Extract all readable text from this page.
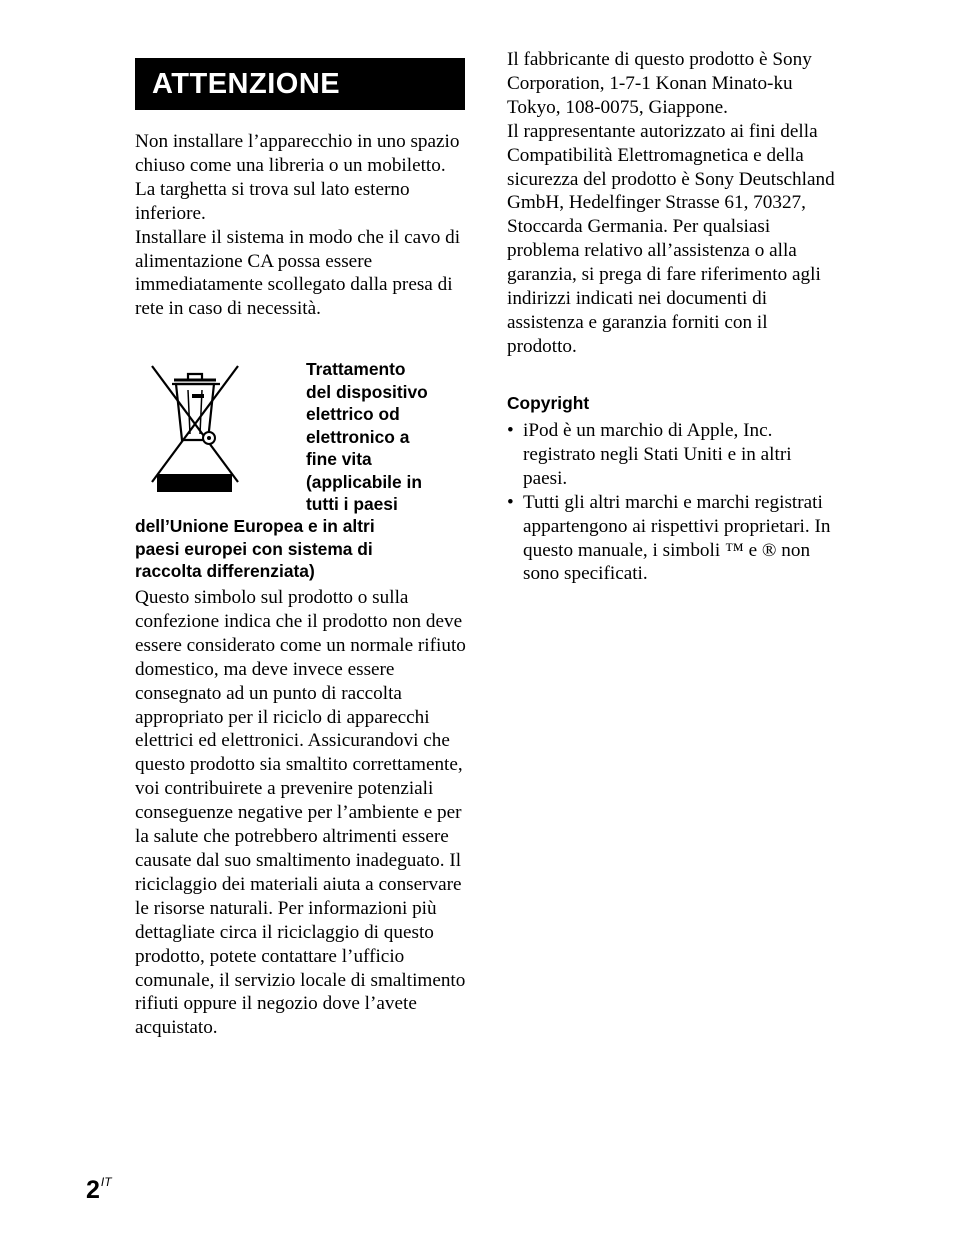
ATTENZIONE

Non installare l’apparecchio in uno spazio chiuso come una libreria o un mobiletto.

La targhetta si trova sul lato esterno inferiore.

Installare il sistema in modo che il cavo di alimentazione CA possa essere immediatamente scollegato dalla presa di rete in caso di necessità.

Trattamento
del dispositivo
elettrico od
elettronico a
fine vita
(applicabile in
tutti i paesi
dell’Unione Europea e in altri
paesi europei con sistema di
raccolta differenziata)

Questo simbolo sul prodotto o sulla confezione indica che il prodotto non deve essere considerato come un normale rifiuto domestico, ma deve invece essere consegnato ad un punto di raccolta appropriato per il riciclo di apparecchi elettrici ed elettronici. Assicurandovi che questo prodotto sia smaltito correttamente, voi contribuirete a prevenire potenziali conseguenze negative per l’ambiente e per la salute che potrebbero altrimenti essere causate dal suo smaltimento inadeguato. Il riciclaggio dei materiali aiuta a conservare le risorse naturali. Per informazioni più dettagliate circa il riciclaggio di questo prodotto, potete contattare l’ufficio comunale, il servizio locale di smaltimento rifiuti oppure il negozio dove l’avete acquistato.

Il fabbricante di questo prodotto è Sony Corporation, 1-7-1 Konan Minato-ku Tokyo, 108-0075, Giappone.

Il rappresentante autorizzato ai fini della Compatibilità Elettromagnetica e della sicurezza del prodotto è Sony Deutschland GmbH, Hedelfinger Strasse 61, 70327, Stoccarda Germania. Per qualsiasi problema relativo all’assistenza o alla garanzia, si prega di fare riferimento agli indirizzi indicati nei documenti di assistenza e garanzia forniti con il prodotto.

Copyright
• iPod è un marchio di Apple, Inc. registrato negli Stati Uniti e in altri paesi.
• Tutti gli altri marchi e marchi registrati appartengono ai rispettivi proprietari. In questo manuale, i simboli ™ e ® non sono specificati.
$2^{IT}$
